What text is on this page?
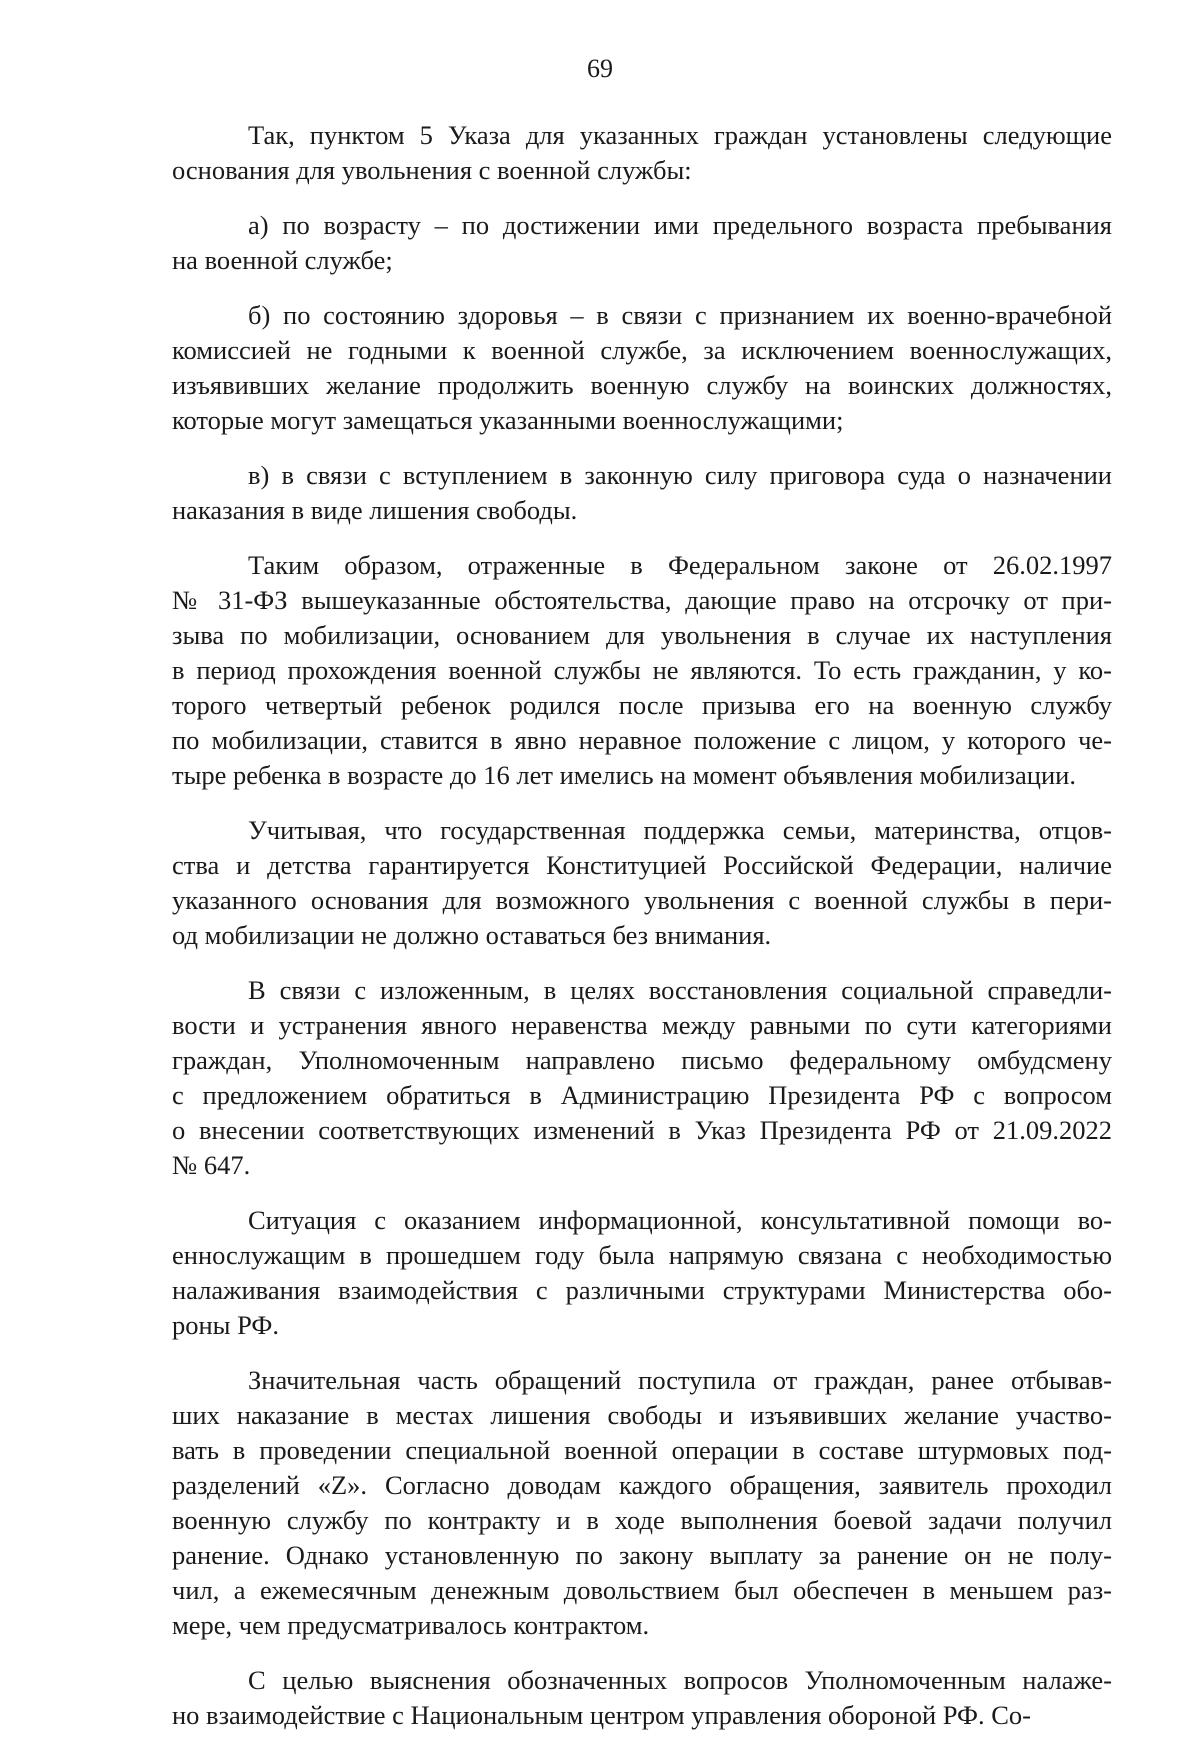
69

Так, пунктом 5 Указа для указанных граждан установлены следующие
основания для увольнения с военной службы:

а) по возрасту – по достижении ими предельного возраста пребывания
на военной службе;

б) по состоянию здоровья – в связи с признанием их военно-врачебной
комиссией не годными к военной службе, за исключением военнослужащих,
изъявивших желание продолжить военную службу на воинских должностях,
которые могут замещаться указанными военнослужащими;

в) в связи с вступлением в законную силу приговора суда о назначении
наказания в виде лишения свободы.

Таким образом, отраженные в Федеральном законе от 26.02.1997
№ 31-ФЗ вышеуказанные обстоятельства, дающие право на отсрочку от при-
зыва по мобилизации, основанием для увольнения в случае их наступления
в период прохождения военной службы не являются. То есть гражданин, у ко-
торого четвертый ребенок родился после призыва его на военную службу
по мобилизации, ставится в явно неравное положение с лицом, у которого че-
тыре ребенка в возрасте до 16 лет имелись на момент объявления мобилизации.

Учитывая, что государственная поддержка семьи, материнства, отцов-
ства и детства гарантируется Конституцией Российской Федерации, наличие
указанного основания для возможного увольнения с военной службы в пери-
од мобилизации не должно оставаться без внимания.

В связи с изложенным, в целях восстановления социальной справедли-
вости и устранения явного неравенства между равными по сути категориями
граждан, Уполномоченным направлено письмо федеральному омбудсмену
с предложением обратиться в Администрацию Президента РФ с вопросом
о внесении соответствующих изменений в Указ Президента РФ от 21.09.2022
№ 647.

Ситуация с оказанием информационной, консультативной помощи во-
еннослужащим в прошедшем году была напрямую связана с необходимостью
налаживания взаимодействия с различными структурами Министерства обо-
роны РФ.

Значительная часть обращений поступила от граждан, ранее отбывав-
ших наказание в местах лишения свободы и изъявивших желание участво-
вать в проведении специальной военной операции в составе штурмовых под-
разделений «Z». Согласно доводам каждого обращения, заявитель проходил
военную службу по контракту и в ходе выполнения боевой задачи получил
ранение. Однако установленную по закону выплату за ранение он не полу-
чил, а ежемесячным денежным довольствием был обеспечен в меньшем раз-
мере, чем предусматривалось контрактом.

С целью выяснения обозначенных вопросов Уполномоченным налаже-
но взаимодействие с Национальным центром управления обороной РФ. Со-
